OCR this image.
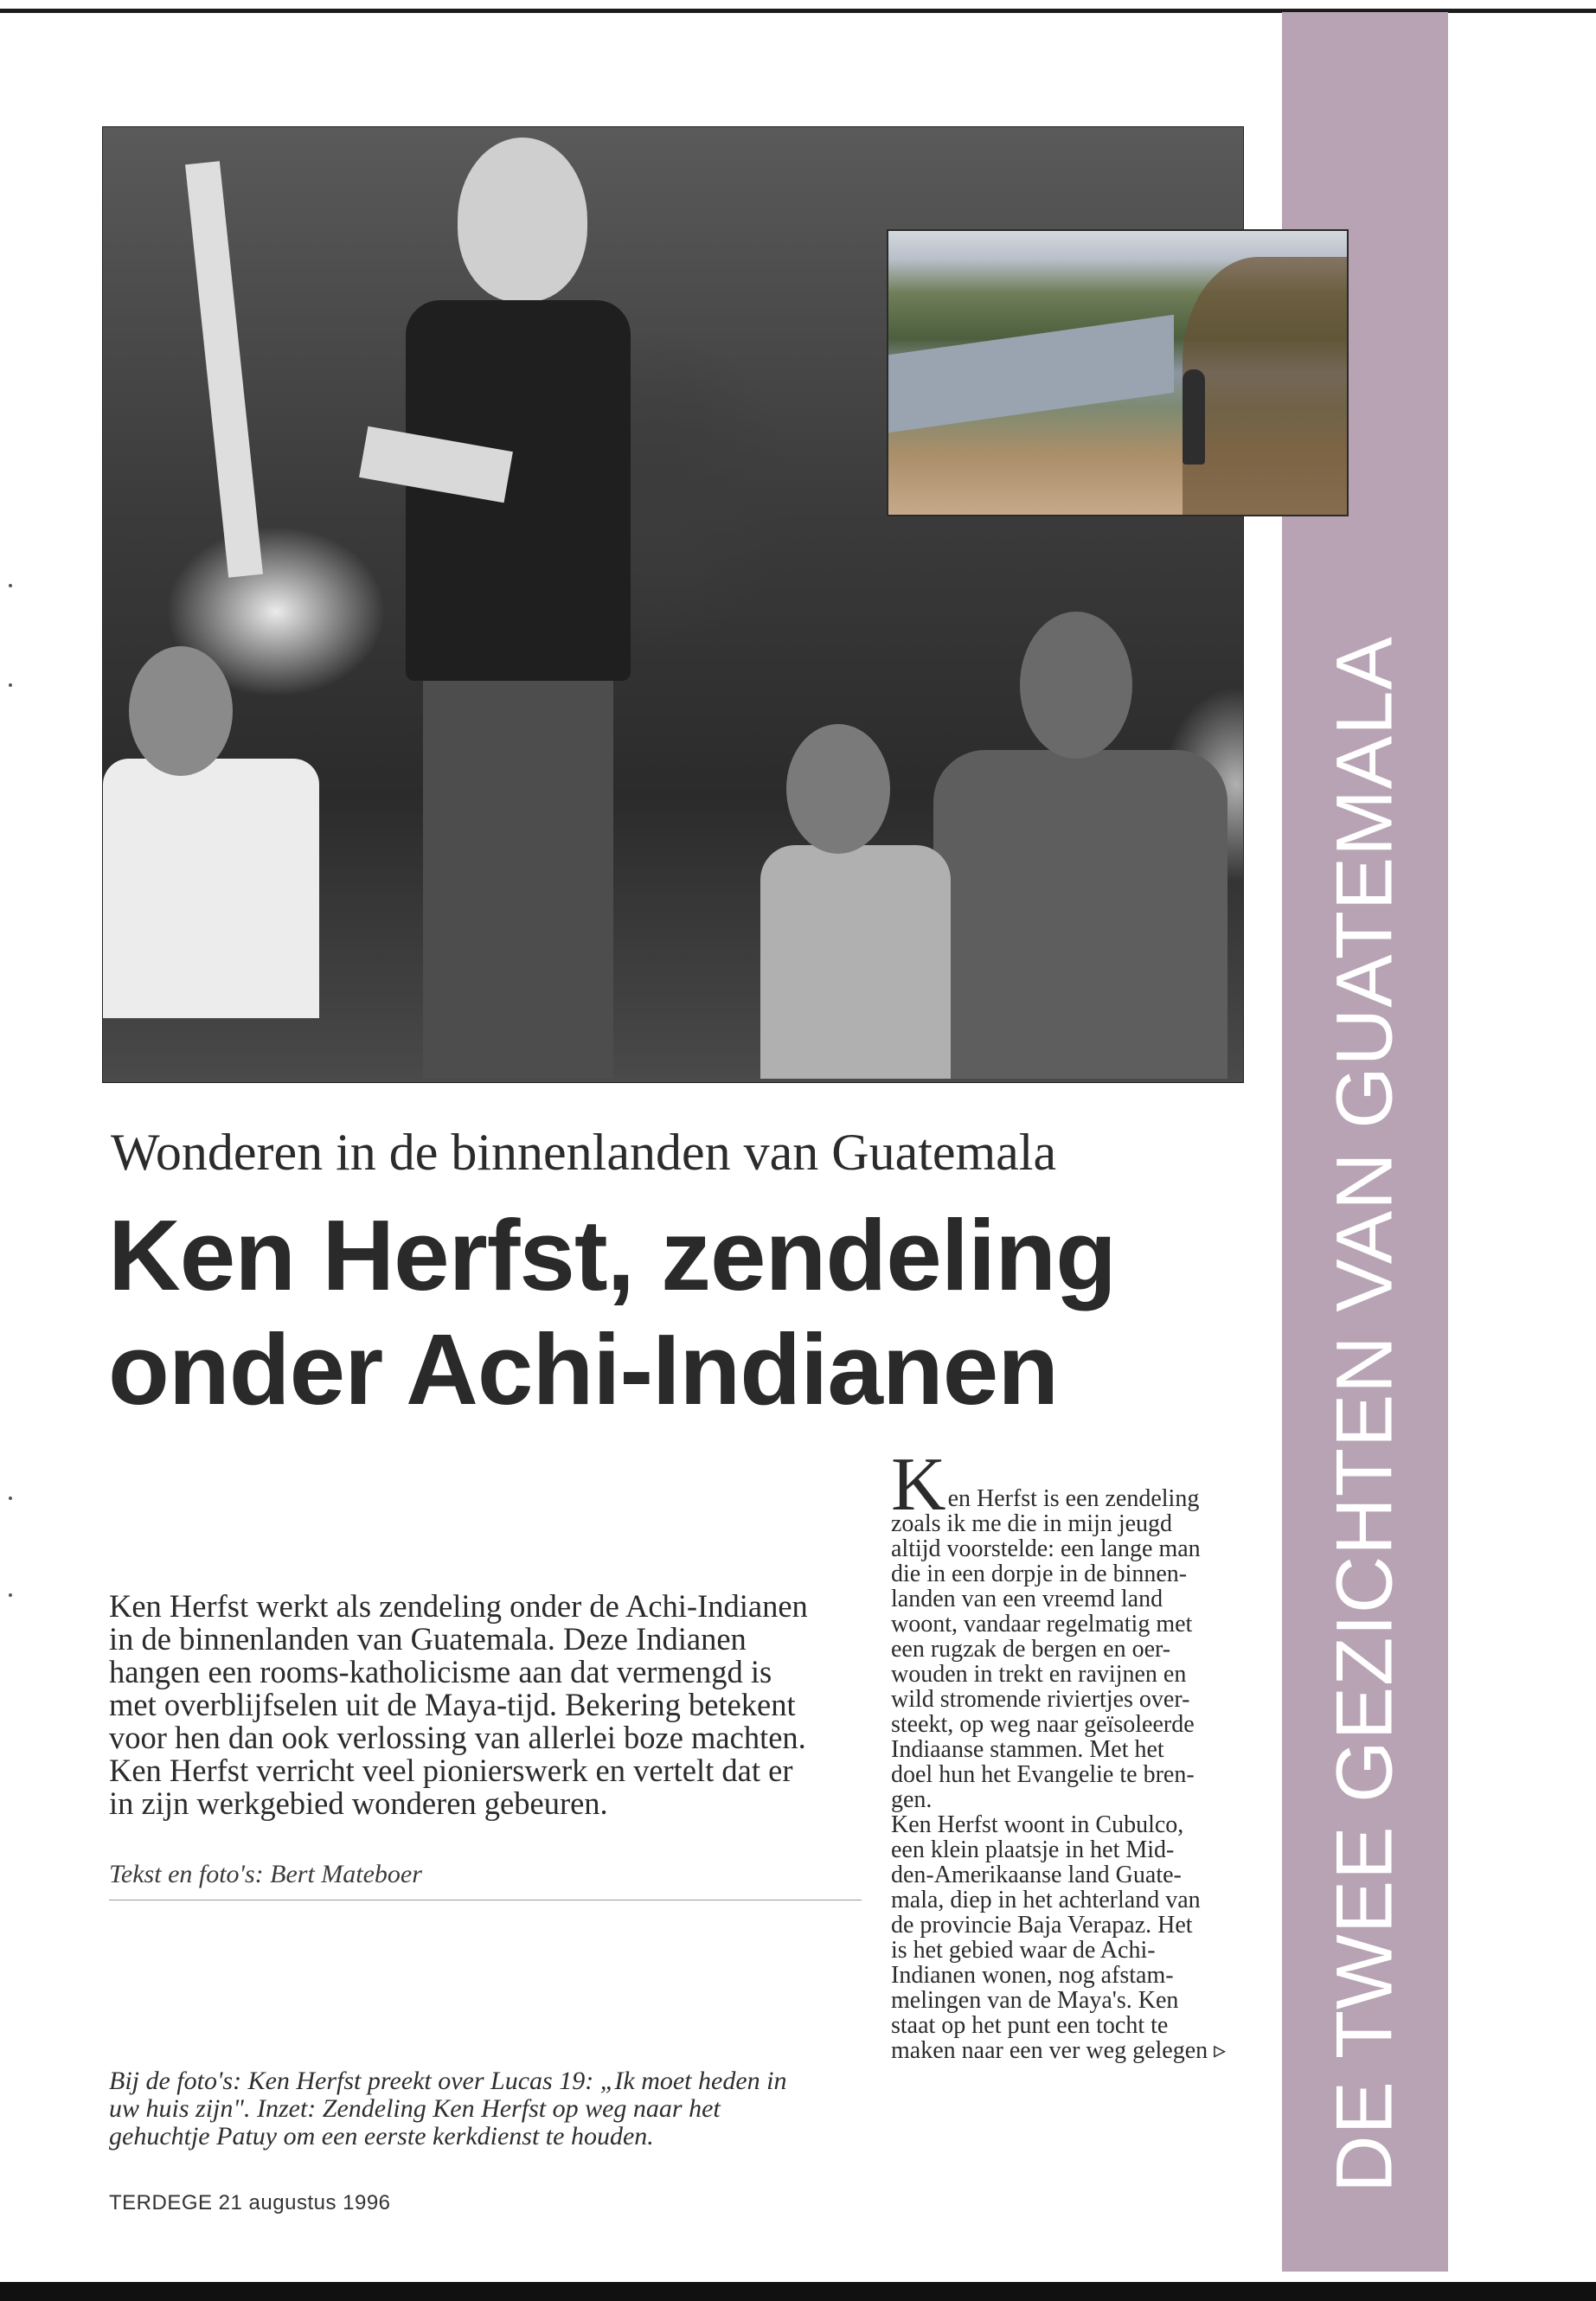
DE TWEE GEZICHTEN VAN GUATEMALA
Wonderen in de binnenlanden van Guatemala
Ken Herfst, zendeling
onder Achi-Indianen
Ken Herfst werkt als zendeling onder de Achi-Indianen
in de binnenlanden van Guatemala. Deze Indianen
hangen een rooms-katholicisme aan dat vermengd is
met overblijfselen uit de Maya-tijd. Bekering betekent
voor hen dan ook verlossing van allerlei boze machten.
Ken Herfst verricht veel pionierswerk en vertelt dat er
in zijn werkgebied wonderen gebeuren.
Tekst en foto's: Bert Mateboer
Bij de foto's: Ken Herfst preekt over Lucas 19: „Ik moet heden in
uw huis zijn". Inzet: Zendeling Ken Herfst op weg naar het
gehuchtje Patuy om een eerste kerkdienst te houden.
Ken Herfst is een zendeling
zoals ik me die in mijn jeugd
altijd voorstelde: een lange man
die in een dorpje in de binnen-
landen van een vreemd land
woont, vandaar regelmatig met
een rugzak de bergen en oer-
wouden in trekt en ravijnen en
wild stromende riviertjes over-
steekt, op weg naar geïsoleerde
Indiaanse stammen. Met het
doel hun het Evangelie te bren-
gen.
Ken Herfst woont in Cubulco,
een klein plaatsje in het Mid-
den-Amerikaanse land Guate-
mala, diep in het achterland van
de provincie Baja Verapaz. Het
is het gebied waar de Achi-
Indianen wonen, nog afstam-
melingen van de Maya's. Ken
staat op het punt een tocht te
maken naar een ver weg gelegen ▹
TERDEGE 21 augustus 1996
